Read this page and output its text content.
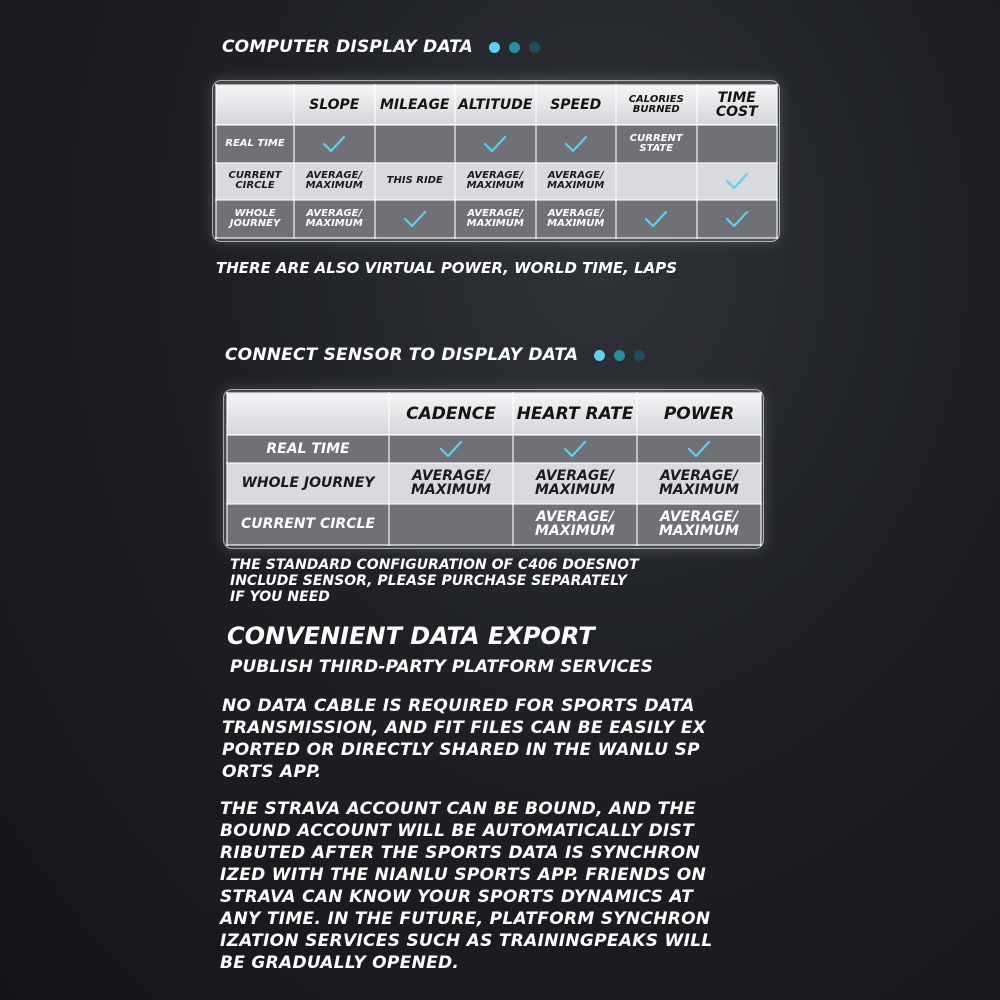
COMPUTER DISPLAY DATA
	SLOPE	MILEAGE	ALTITUDE	SPEED	CALORIES BURNED	TIME COST
REAL TIME					CURRENT STATE	
CURRENT CIRCLE	AVERAGE/ MAXIMUM	THIS RIDE	AVERAGE/ MAXIMUM	AVERAGE/ MAXIMUM		

WHOLE JOURNEY	AVERAGE/ MAXIMUM		AVERAGE/ MAXIMUM	AVERAGE/ MAXIMUM	

THERE ARE ALSO VIRTUAL POWER, WORLD TIME, LAPS
CONNECT SENSOR TO DISPLAY DATA
	CADENCE	HEART RATE	POWER
REAL TIME	

WHOLE JOURNEY	AVERAGE/ MAXIMUM	AVERAGE/ MAXIMUM	AVERAGE/ MAXIMUM
CURRENT CIRCLE		AVERAGE/ MAXIMUM	AVERAGE/ MAXIMUM
THE STANDARD CONFIGURATION OF C406 DOESNOT
INCLUDE SENSOR, PLEASE PURCHASE SEPARATELY
IF YOU NEED
CONVENIENT DATA EXPORT
PUBLISH THIRD-PARTY PLATFORM SERVICES
NO DATA CABLE IS REQUIRED FOR SPORTS DATA
TRANSMISSION, AND FIT FILES CAN BE EASILY EX
PORTED OR DIRECTLY SHARED IN THE WANLU SP
ORTS APP.
THE STRAVA ACCOUNT CAN BE BOUND, AND THE
BOUND ACCOUNT WILL BE AUTOMATICALLY DIST
RIBUTED AFTER THE SPORTS DATA IS SYNCHRON
IZED WITH THE NIANLU SPORTS APP. FRIENDS ON
STRAVA CAN KNOW YOUR SPORTS DYNAMICS AT
ANY TIME. IN THE FUTURE, PLATFORM SYNCHRON
IZATION SERVICES SUCH AS TRAININGPEAKS WILL
BE GRADUALLY OPENED.
